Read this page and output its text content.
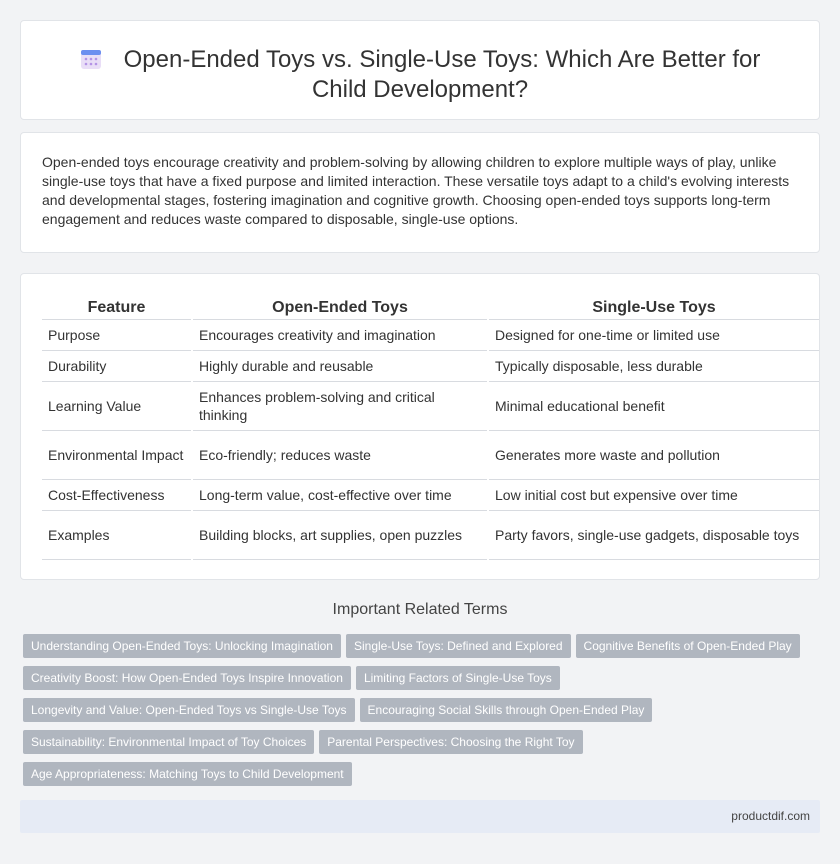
Open-Ended Toys vs. Single-Use Toys: Which Are Better for Child Development?

Open-ended toys encourage creativity and problem-solving by allowing children to explore multiple ways of play, unlike single-use toys that have a fixed purpose and limited interaction. These versatile toys adapt to a child's evolving interests and developmental stages, fostering imagination and cognitive growth. Choosing open-ended toys supports long-term engagement and reduces waste compared to disposable, single-use options.

Feature	Open-Ended Toys	Single-Use Toys
Purpose	Encourages creativity and imagination	Designed for one-time or limited use
Durability	Highly durable and reusable	Typically disposable, less durable
Learning Value	Enhances problem-solving and critical thinking	Minimal educational benefit
Environmental Impact	Eco-friendly; reduces waste	Generates more waste and pollution
Cost-Effectiveness	Long-term value, cost-effective over time	Low initial cost but expensive over time
Examples	Building blocks, art supplies, open puzzles	Party favors, single-use gadgets, disposable toys
Important Related Terms
Understanding Open-Ended Toys: Unlocking Imagination Single-Use Toys: Defined and Explored Cognitive Benefits of Open-Ended Play
Creativity Boost: How Open-Ended Toys Inspire Innovation Limiting Factors of Single-Use Toys
Longevity and Value: Open-Ended Toys vs Single-Use Toys Encouraging Social Skills through Open-Ended Play
Sustainability: Environmental Impact of Toy Choices Parental Perspectives: Choosing the Right Toy
Age Appropriateness: Matching Toys to Child Development
productdif.com
